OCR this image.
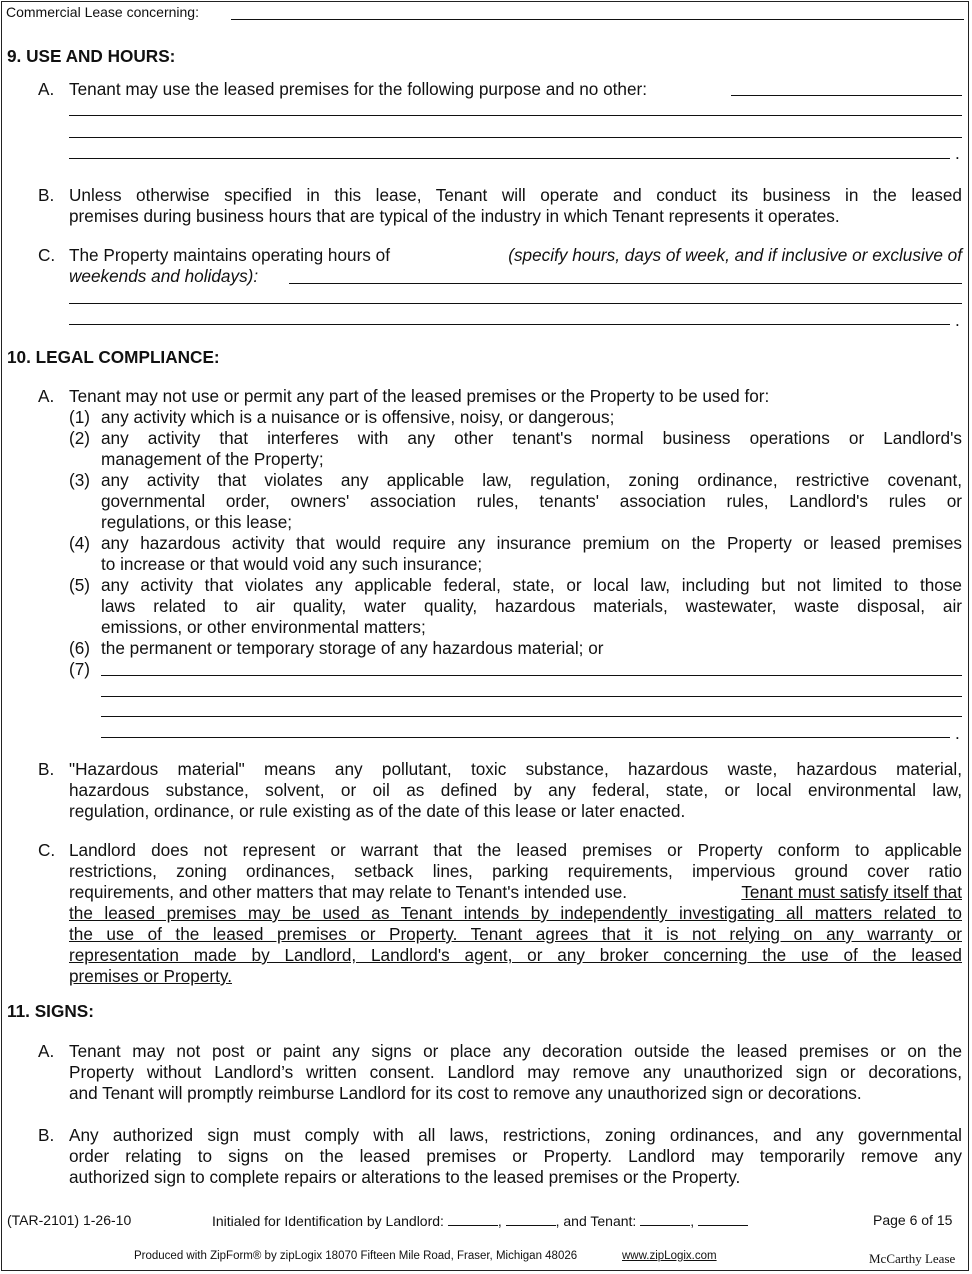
Commercial Lease concerning:
9. USE AND HOURS:
A. Tenant may use the leased premises for the following purpose and no other:
.
B. Unless otherwise specified in this lease, Tenant will operate and conduct its business in the leased
premises during business hours that are typical of the industry in which Tenant represents it operates.
C. The Property maintains operating hours of	(specify hours, days of week, and if inclusive or exclusive of
weekends and holidays):
.
10. LEGAL COMPLIANCE:
A. Tenant may not use or permit any part of the leased premises or the Property to be used for:
(1) any activity which is a nuisance or is offensive, noisy, or dangerous;
(2) any activity that interferes with any other tenant's normal business operations or Landlord's
management of the Property;
(3) any activity that violates any applicable law, regulation, zoning ordinance, restrictive covenant,
governmental order, owners' association rules, tenants' association rules, Landlord's rules or
regulations, or this lease;
(4) any hazardous activity that would require any insurance premium on the Property or leased premises
to increase or that would void any such insurance;
(5) any activity that violates any applicable federal, state, or local law, including but not limited to those
laws related to air quality, water quality, hazardous materials, wastewater, waste disposal, air
emissions, or other environmental matters;
(6) the permanent or temporary storage of any hazardous material; or
(7)
.
B. "Hazardous material" means any pollutant, toxic substance, hazardous waste, hazardous material,
hazardous substance, solvent, or oil as defined by any federal, state, or local environmental law,
regulation, ordinance, or rule existing as of the date of this lease or later enacted.
C. Landlord does not represent or warrant that the leased premises or Property conform to applicable
restrictions, zoning ordinances, setback lines, parking requirements, impervious ground cover ratio
requirements, and other matters that may relate to Tenant's intended use.	Tenant must satisfy itself that
the leased premises may be used as Tenant intends by independently investigating all matters related to
the use of the leased premises or Property. Tenant agrees that it is not relying on any warranty or
representation made by Landlord, Landlord's agent, or any broker concerning the use of the leased
premises or Property.
11. SIGNS:
A. Tenant may not post or paint any signs or place any decoration outside the leased premises or on the
Property without Landlord’s written consent. Landlord may remove any unauthorized sign or decorations,
and Tenant will promptly reimburse Landlord for its cost to remove any unauthorized sign or decorations.
B. Any authorized sign must comply with all laws, restrictions, zoning ordinances, and any governmental
order relating to signs on the leased premises or Property. Landlord may temporarily remove any
authorized sign to complete repairs or alterations to the leased premises or the Property.
(TAR-2101) 1-26-10	Initialed for Identification by Landlord:	,	, and Tenant:	,	Page 6 of 15
Produced with ZipForm® by zipLogix 18070 Fifteen Mile Road, Fraser, Michigan 48026	www.zipLogix.com	McCarthy Lease
